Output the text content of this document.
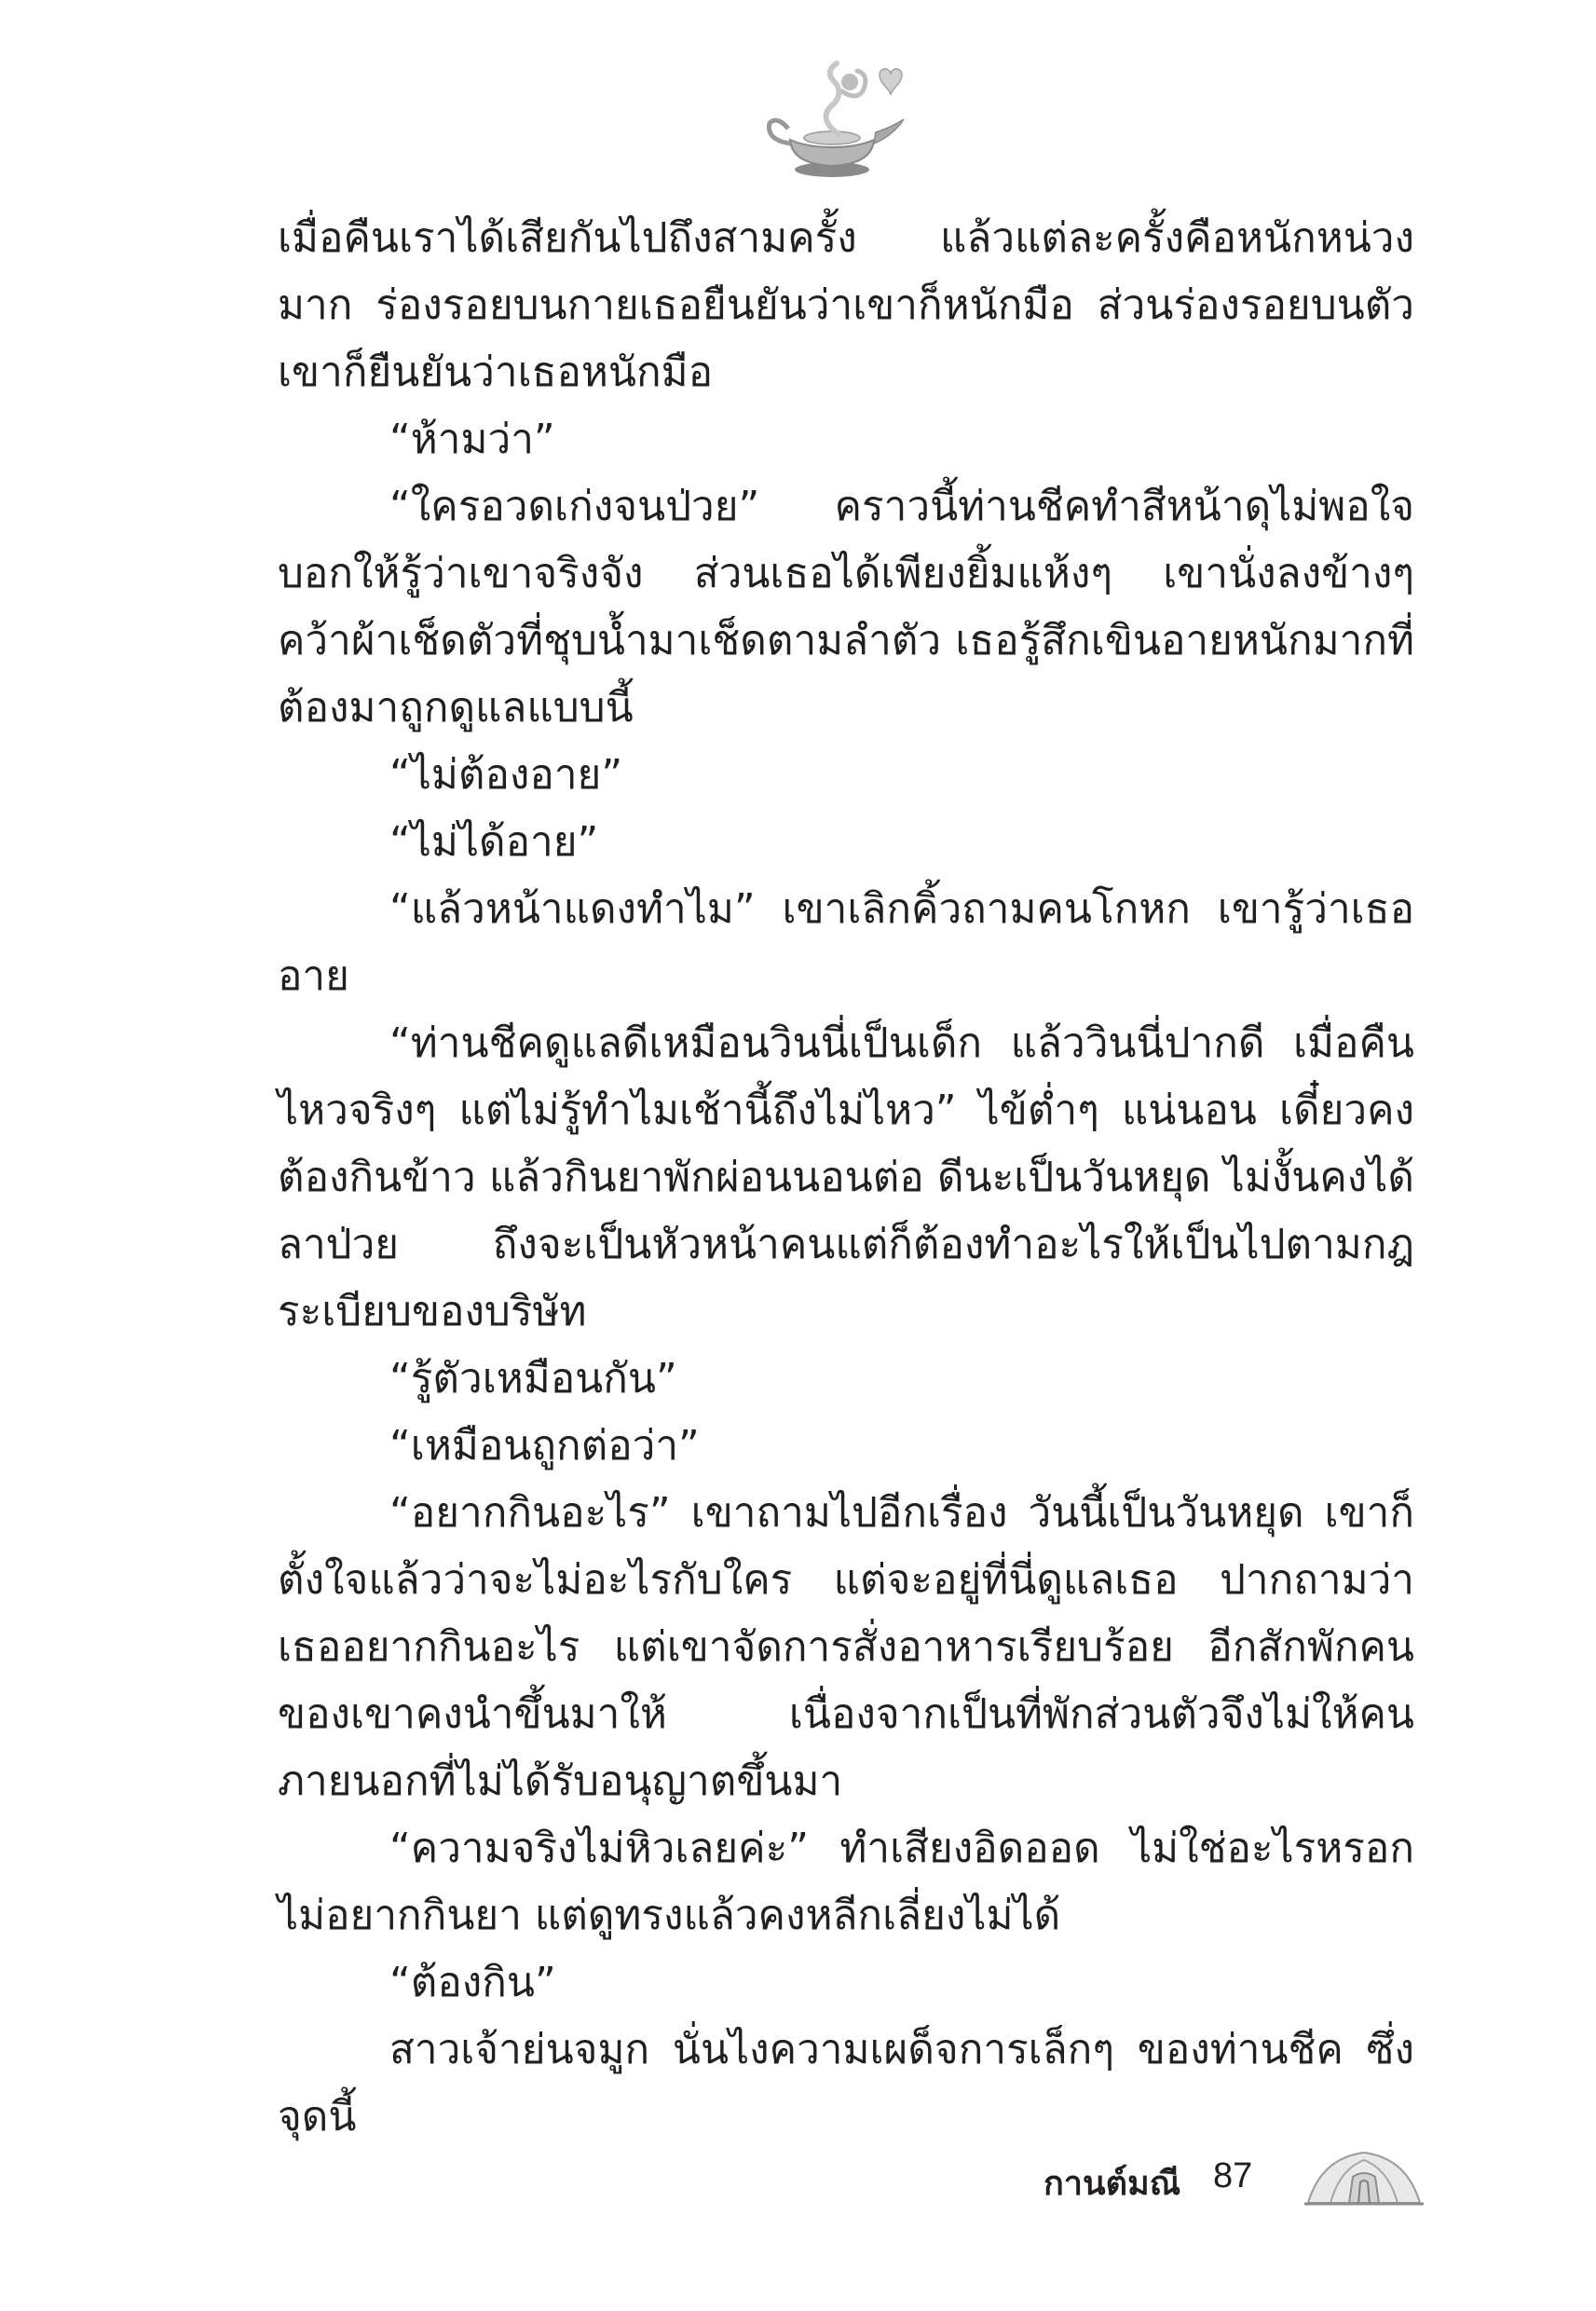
เมื่อคืนเราได้เสียกันไปถึงสามครั้ง แล้วแต่ละครั้งคือหนักหน่วงมาก ร่องรอยบนกายเธอยืนยันว่าเขาก็หนักมือ ส่วนร่องรอยบนตัวเขาก็ยืนยันว่าเธอหนักมือ

“ห้ามว่า”

“ใครอวดเก่งจนป่วย” คราวนี้ท่านชีคทำสีหน้าดุไม่พอใจ บอกให้รู้ว่าเขาจริงจัง ส่วนเธอได้เพียงยิ้มแห้งๆ เขานั่งลงข้างๆ คว้าผ้าเช็ดตัวที่ชุบน้ำมาเช็ดตามลำตัว เธอรู้สึกเขินอายหนักมากที่ต้องมาถูกดูแลแบบนี้

“ไม่ต้องอาย”

“ไม่ได้อาย”

“แล้วหน้าแดงทำไม” เขาเลิกคิ้วถามคนโกหก เขารู้ว่าเธออาย

“ท่านชีคดูแลดีเหมือนวินนี่เป็นเด็ก แล้ววินนี่ปากดี เมื่อคืนไหวจริงๆ แต่ไม่รู้ทำไมเช้านี้ถึงไม่ไหว” ไข้ต่ำๆ แน่นอน เดี๋ยวคงต้องกินข้าว แล้วกินยาพักผ่อนนอนต่อ ดีนะเป็นวันหยุด ไม่งั้นคงได้ลาป่วย ถึงจะเป็นหัวหน้าคนแต่ก็ต้องทำอะไรให้เป็นไปตามกฎระเบียบของบริษัท

“รู้ตัวเหมือนกัน”

“เหมือนถูกต่อว่า”

“อยากกินอะไร” เขาถามไปอีกเรื่อง วันนี้เป็นวันหยุด เขาก็ตั้งใจแล้วว่าจะไม่อะไรกับใคร แต่จะอยู่ที่นี่ดูแลเธอ ปากถามว่าเธออยากกินอะไร แต่เขาจัดการสั่งอาหารเรียบร้อย อีกสักพักคนของเขาคงนำขึ้นมาให้ เนื่องจากเป็นที่พักส่วนตัวจึงไม่ให้คนภายนอกที่ไม่ได้รับอนุญาตขึ้นมา

“ความจริงไม่หิวเลยค่ะ” ทำเสียงอิดออด ไม่ใช่อะไรหรอกไม่อยากกินยา แต่ดูทรงแล้วคงหลีกเลี่ยงไม่ได้

“ต้องกิน”

สาวเจ้าย่นจมูก นั่นไงความเผด็จการเล็กๆ ของท่านชีค ซึ่งจุดนี้

กานต์มณี 87
